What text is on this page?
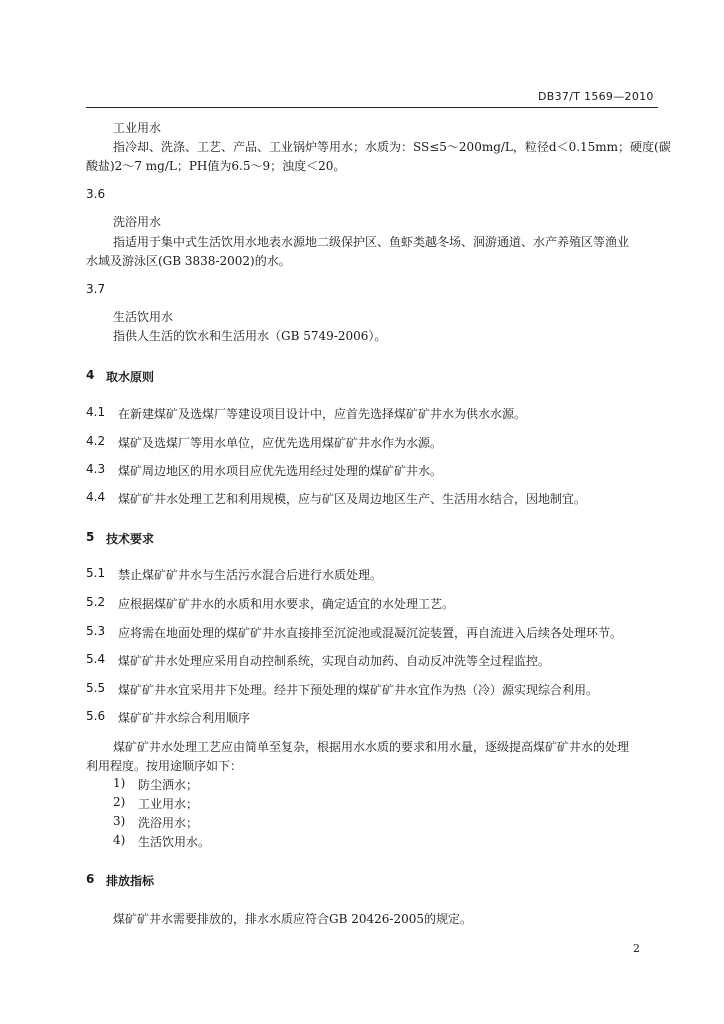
DB37/T 1569—2010
工业用水
指冷却、洗涤、工艺、产品、工业锅炉等用水；水质为：SS≤5～200mg/L，粒径d＜0.15mm；硬度(碳
酸盐)2～7 mg/L；PH值为6.5～9；浊度＜20。
3.6
洗浴用水
指适用于集中式生活饮用水地表水源地二级保护区、鱼虾类越冬场、洄游通道、水产养殖区等渔业
水域及游泳区(GB 3838-2002)的水。
3.7
生活饮用水
指供人生活的饮水和生活用水（GB 5749-2006）。
4 取水原则
4.1 在新建煤矿及选煤厂等建设项目设计中，应首先选择煤矿矿井水为供水水源。
4.2 煤矿及选煤厂等用水单位，应优先选用煤矿矿井水作为水源。
4.3 煤矿周边地区的用水项目应优先选用经过处理的煤矿矿井水。
4.4 煤矿矿井水处理工艺和利用规模，应与矿区及周边地区生产、生活用水结合，因地制宜。
5 技术要求
5.1 禁止煤矿矿井水与生活污水混合后进行水质处理。
5.2 应根据煤矿矿井水的水质和用水要求，确定适宜的水处理工艺。
5.3 应将需在地面处理的煤矿矿井水直接排至沉淀池或混凝沉淀装置，再自流进入后续各处理环节。
5.4 煤矿矿井水处理应采用自动控制系统，实现自动加药、自动反冲洗等全过程监控。
5.5 煤矿矿井水宜采用井下处理。经井下预处理的煤矿矿井水宜作为热（冷）源实现综合利用。
5.6 煤矿矿井水综合利用顺序
煤矿矿井水处理工艺应由简单至复杂，根据用水水质的要求和用水量，逐级提高煤矿矿井水的处理
利用程度。按用途顺序如下：
1) 防尘洒水；
2) 工业用水；
3) 洗浴用水；
4) 生活饮用水。
6 排放指标
煤矿矿井水需要排放的，排水水质应符合GB 20426-2005的规定。
2
